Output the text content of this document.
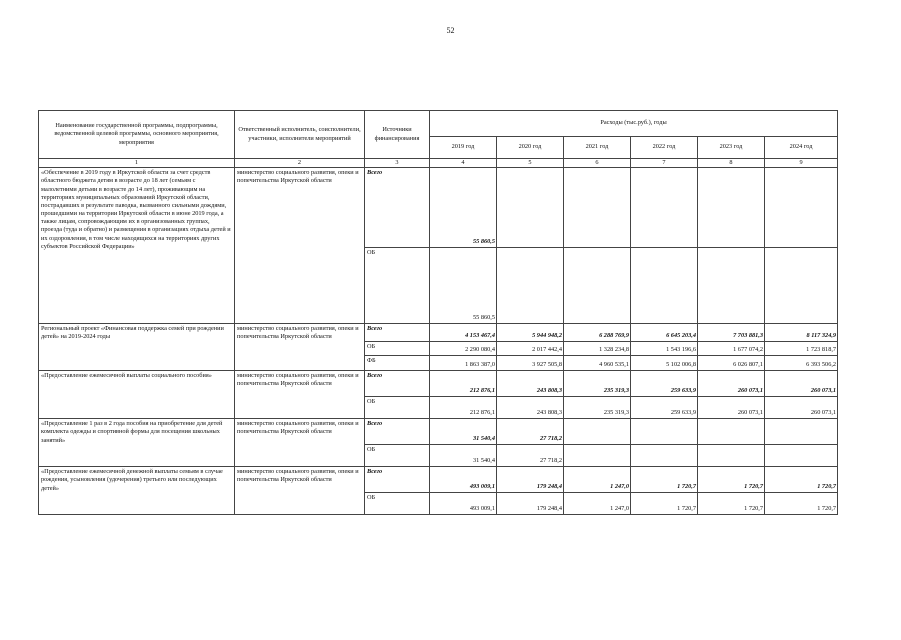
52
Наименование государственной программы, подпрограммы, ведомственной целевой программы, основного мероприятия, мероприятия	Ответственный исполнитель, соисполнители, участники, исполнители мероприятий	Источники финансирования	Расходы (тыс.руб.), годы					
			2019 год	2020 год	2021 год	2022 год	2023 год	2024 год
1	2	3	4	5	6	7	8	9
«Обеспечение в 2019 году в Иркутской области за счет средств областного бюджета детям в возрасте до 18 лет (семьям с малолетними детьми в возрасте до 14 лет), проживающим на территориях муниципальных образований Иркутской области, пострадавших в результате паводка, вызванного сильными дождями, прошедшими на территории Иркутской области в июне 2019 года, а также лицам, сопровождающим их в организованных группах, проезда (туда и обратно) и размещения в организациях отдыха детей и их оздоровления, в том числе находящихся на территориях других субъектов Российской Федерации»	министерство социального развития, опеки и попечительства Иркутской области	Всего	55 860,5					
		ОБ	55 860,5					
Региональный проект «Финансовая поддержка семей при рождении детей» на 2019-2024 годы	министерство социального развития, опеки и попечительства Иркутской области	Всего	4 153 467,4	5 944 948,2	6 288 769,9	6 645 203,4	7 703 881,3	8 117 324,9
		ОБ	2 290 080,4	2 017 442,4	1 328 234,8	1 543 196,6	1 677 074,2	1 723 818,7
		ФБ	1 863 387,0	3 927 505,8	4 960 535,1	5 102 006,8	6 026 807,1	6 393 506,2
«Предоставление ежемесячной выплаты социального пособия»	министерство социального развития, опеки и попечительства Иркутской области	Всего	212 876,1	243 808,3	235 319,3	259 633,9	260 073,1	260 073,1
		ОБ	212 876,1	243 808,3	235 319,3	259 633,9	260 073,1	260 073,1
«Предоставление 1 раз в 2 года пособия на приобретение для детей комплекта одежды и спортивной формы для посещения школьных занятий»	министерство социального развития, опеки и попечительства Иркутской области	Всего	31 540,4	27 718,2				
		ОБ	31 540,4	27 718,2				
«Предоставление ежемесячной денежной выплаты семьям в случае рождения, усыновления (удочерения) третьего или последующих детей»	министерство социального развития, опеки и попечительства Иркутской области	Всего	493 009,1	179 248,4	1 247,0	1 720,7	1 720,7	1 720,7
		ОБ	493 009,1	179 248,4	1 247,0	1 720,7	1 720,7	1 720,7
